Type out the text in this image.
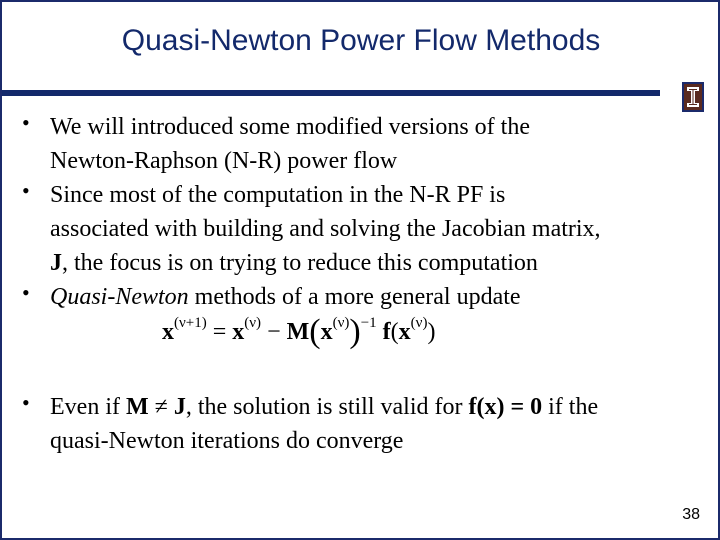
Quasi-Newton Power Flow Methods
• We will introduced some modified versions of the
Newton-Raphson (N-R) power flow
• Since most of the computation in the N-R PF is
associated with building and solving the Jacobian matrix,
J, the focus is on trying to reduce this computation
• Quasi-Newton methods of a more general update
$x^{(\nu+1)} = x^{(\nu)} - M(x^{(\nu)})^{-1}$ $f(x^{(\nu)})$
• Even if M ≠ J, the solution is still valid for f(x) = 0 if the
quasi-Newton iterations do converge
38
